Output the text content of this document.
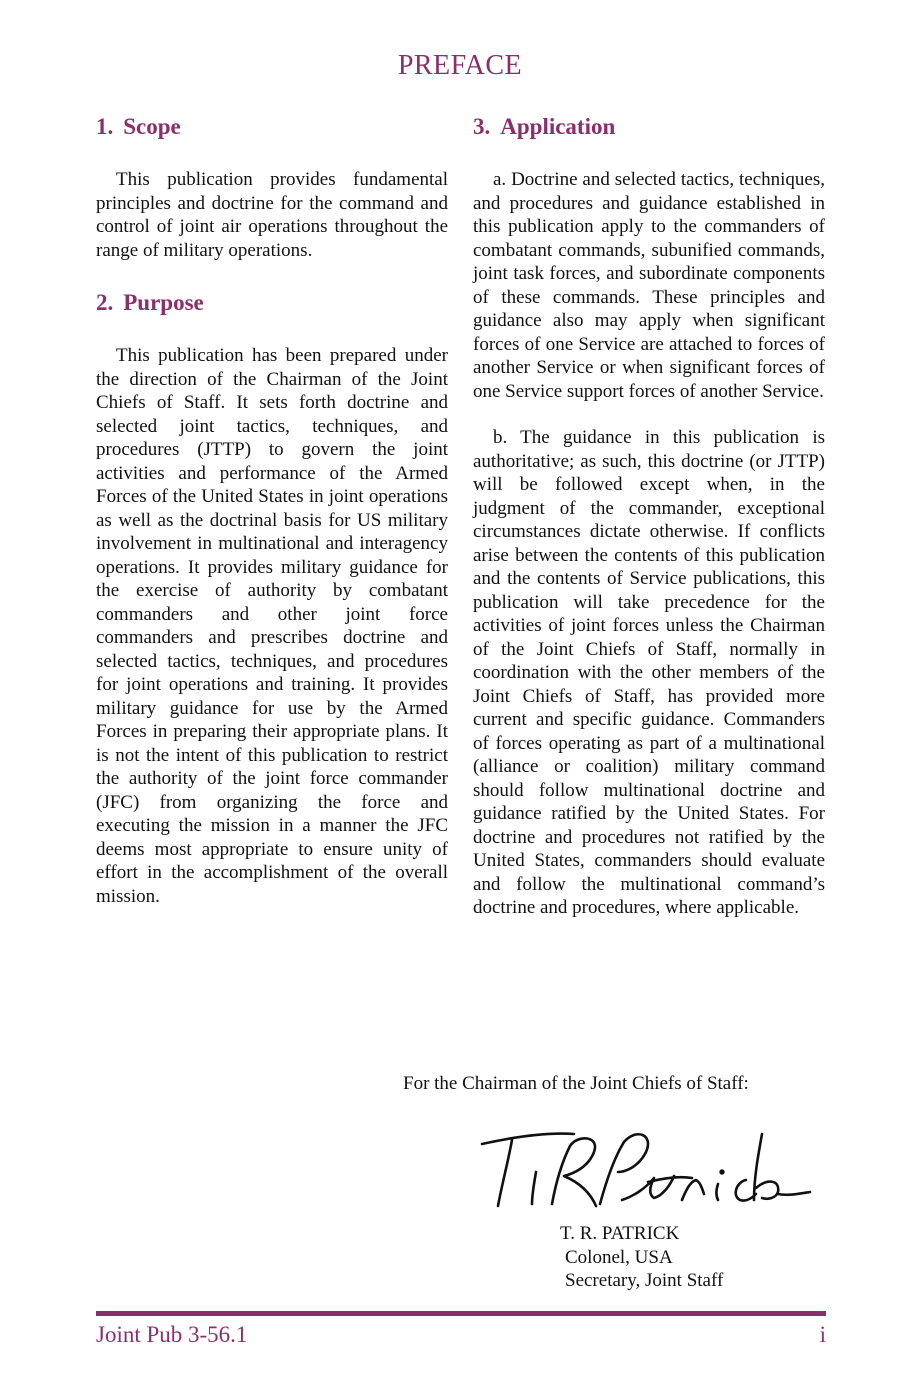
PREFACE
1. Scope

This publication provides fundamental principles and doctrine for the command and control of joint air operations throughout the range of military operations.

2. Purpose

This publication has been prepared under the direction of the Chairman of the Joint Chiefs of Staff. It sets forth doctrine and selected joint tactics, techniques, and procedures (JTTP) to govern the joint activities and performance of the Armed Forces of the United States in joint operations as well as the doctrinal basis for US military involvement in multinational and interagency operations. It provides military guidance for the exercise of authority by combatant commanders and other joint force commanders and prescribes doctrine and selected tactics, techniques, and procedures for joint operations and training. It provides military guidance for use by the Armed Forces in preparing their appropriate plans. It is not the intent of this publication to restrict the authority of the joint force commander (JFC) from organizing the force and executing the mission in a manner the JFC deems most appropriate to ensure unity of effort in the accomplishment of the overall mission.

3. Application

a. Doctrine and selected tactics, techniques, and procedures and guidance established in this publication apply to the commanders of combatant commands, subunified commands, joint task forces, and subordinate components of these commands. These principles and guidance also may apply when significant forces of one Service are attached to forces of another Service or when significant forces of one Service support forces of another Service.

b. The guidance in this publication is authoritative; as such, this doctrine (or JTTP) will be followed except when, in the judgment of the commander, exceptional circumstances dictate otherwise. If conflicts arise between the contents of this publication and the contents of Service publications, this publication will take precedence for the activities of joint forces unless the Chairman of the Joint Chiefs of Staff, normally in coordination with the other members of the Joint Chiefs of Staff, has provided more current and specific guidance. Commanders of forces operating as part of a multinational (alliance or coalition) military command should follow multinational doctrine and guidance ratified by the United States. For doctrine and procedures not ratified by the United States, commanders should evaluate and follow the multinational command’s doctrine and procedures, where applicable.

For the Chairman of the Joint Chiefs of Staff:
T. R. PATRICK
Colonel, USA
Secretary, Joint Staff
Joint Pub 3-56.1	i
